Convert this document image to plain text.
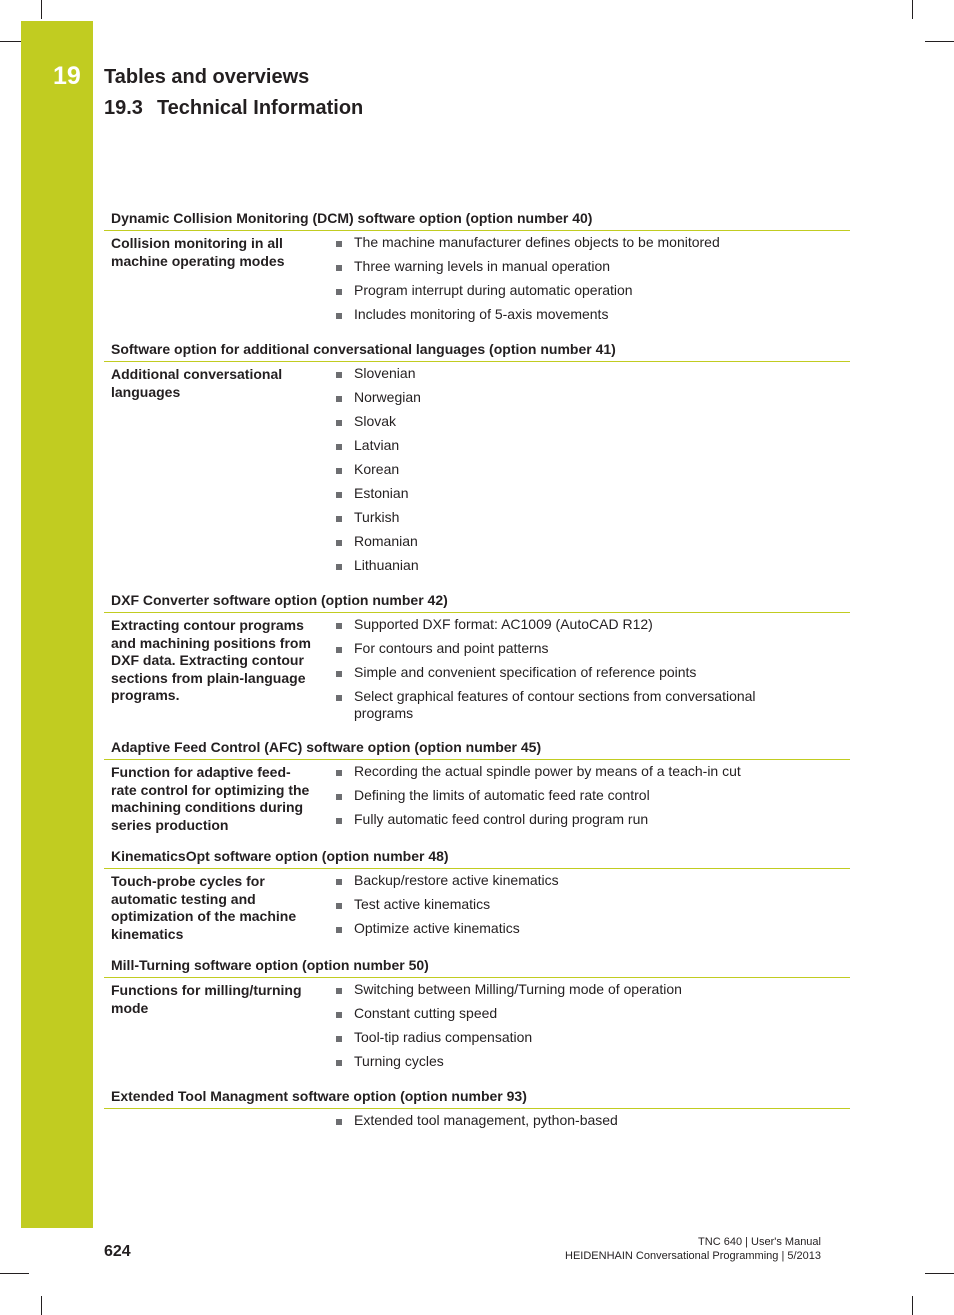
19 Tables and overviews
19.3 Technical Information
Dynamic Collision Monitoring (DCM) software option (option number 40)
Collision monitoring in all machine operating modes
The machine manufacturer defines objects to be monitored
Three warning levels in manual operation
Program interrupt during automatic operation
Includes monitoring of 5-axis movements
Software option for additional conversational languages (option number 41)
Additional conversational languages
Slovenian
Norwegian
Slovak
Latvian
Korean
Estonian
Turkish
Romanian
Lithuanian
DXF Converter software option (option number 42)
Extracting contour programs and machining positions from DXF data. Extracting contour sections from plain-language programs.
Supported DXF format: AC1009 (AutoCAD R12)
For contours and point patterns
Simple and convenient specification of reference points
Select graphical features of contour sections from conversational programs
Adaptive Feed Control (AFC) software option (option number 45)
Function for adaptive feed-rate control for optimizing the machining conditions during series production
Recording the actual spindle power by means of a teach-in cut
Defining the limits of automatic feed rate control
Fully automatic feed control during program run
KinematicsOpt software option (option number 48)
Touch-probe cycles for automatic testing and optimization of the machine kinematics
Backup/restore active kinematics
Test active kinematics
Optimize active kinematics
Mill-Turning software option (option number 50)
Functions for milling/turning mode
Switching between Milling/Turning mode of operation
Constant cutting speed
Tool-tip radius compensation
Turning cycles
Extended Tool Managment software option (option number 93)
Extended tool management, python-based
624
TNC 640 | User's Manual
HEIDENHAIN Conversational Programming | 5/2013
